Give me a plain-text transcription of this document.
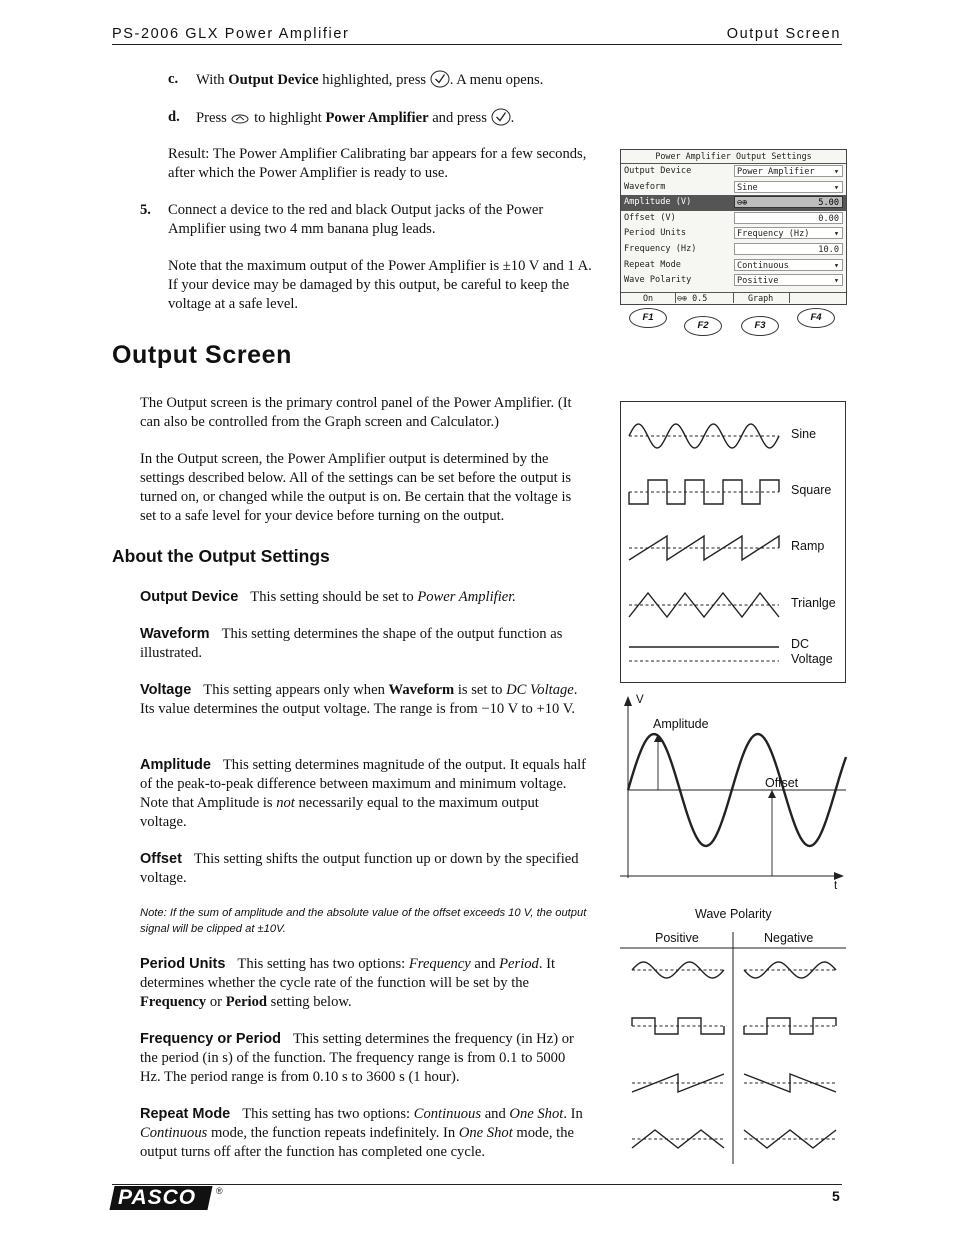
PS-2006 GLX Power Amplifier	Output Screen
c. With Output Device highlighted, press . A menu opens.
d. Press  to highlight Power Amplifier and press .
Result: The Power Amplifier Calibrating bar appears for a few seconds, after which the Power Amplifier is ready to use.
5. Connect a device to the red and black Output jacks of the Power Amplifier using two 4 mm banana plug leads.
Note that the maximum output of the Power Amplifier is ±10 V and 1 A. If your device may be damaged by this output, be careful to keep the voltage at a safe level.
Power Amplifier Output Settings
Output Device	Power Amplifier ▾
Waveform	Sine	▾
Amplitude (V)	⊖⊕	5.00
Offset (V)	0.00
Period Units	Frequency (Hz)	▾
Frequency (Hz)	10.0
Repeat Mode	Continuous	▾
Wave Polarity	Positive	▾
On	⊖⊕ 0.5	Graph
F1
F2	F3
F4
Output Screen
The Output screen is the primary control panel of the Power Amplifier. (It can also be controlled from the Graph screen and Calculator.)
In the Output screen, the Power Amplifier output is determined by the settings described below. All of the settings can be set before the output is turned on, or changed while the output is on. Be certain that the voltage is set to a safe level for your device before turning on the output.
About the Output Settings
Output Device This setting should be set to Power Amplifier.
Waveform This setting determines the shape of the output function as illustrated.
Voltage This setting appears only when Waveform is set to DC Voltage. Its value determines the output voltage. The range is from −10 V to +10 V.
Amplitude This setting determines magnitude of the output. It equals half of the peak-to-peak difference between maximum and minimum voltage. Note that Amplitude is not necessarily equal to the maximum output voltage.
Offset This setting shifts the output function up or down by the specified voltage.
Note: If the sum of amplitude and the absolute value of the offset exceeds 10 V, the output signal will be clipped at ±10V.
Period Units This setting has two options: Frequency and Period. It determines whether the cycle rate of the function will be set by the Frequency or Period setting below.
Frequency or Period This setting determines the frequency (in Hz) or the period (in s) of the function. The frequency range is from 0.1 to 5000 Hz. The period range is from 0.10 s to 3600 s (1 hour).
Repeat Mode This setting has two options: Continuous and One Shot. In Continuous mode, the function repeats indefinitely. In One Shot mode, the output turns off after the function has completed one cycle.
Sine
Square
Ramp
Trianlge
DC
Voltage
V
t
Amplitude
Offset
Wave Polarity
Positive	Negative
PASCO ®	5
